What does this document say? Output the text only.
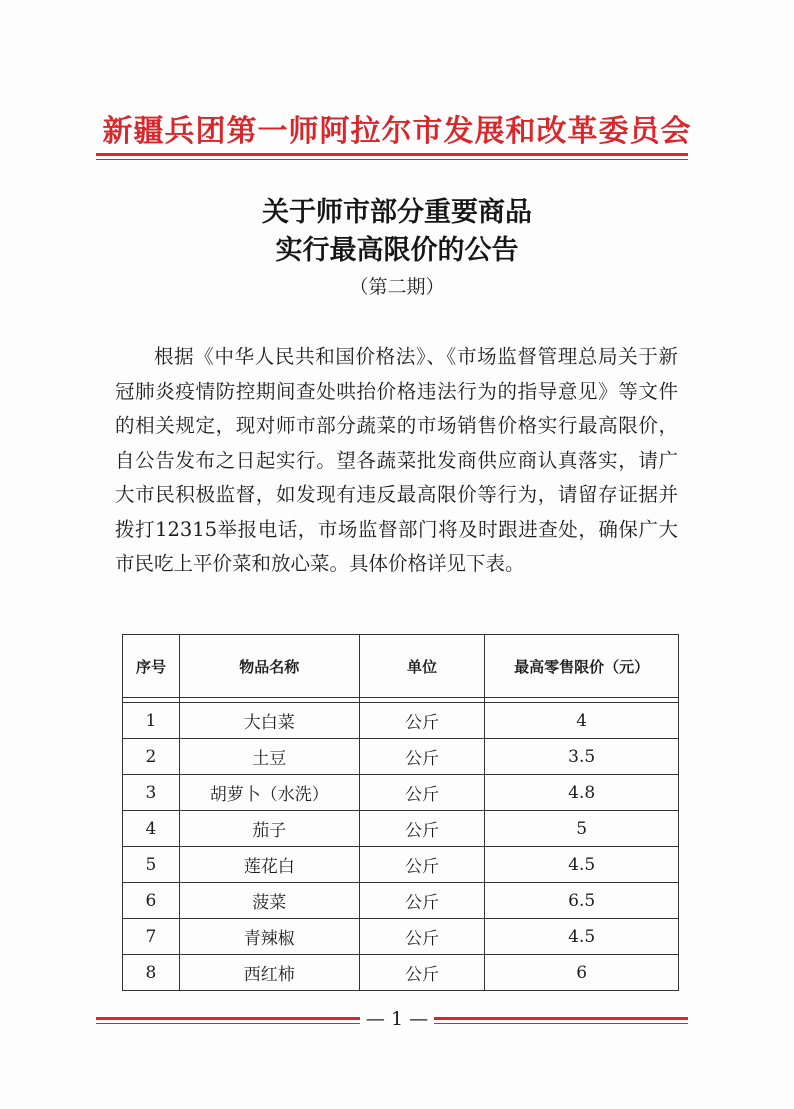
新疆兵团第一师阿拉尔市发展和改革委员会
关于师市部分重要商品
实行最高限价的公告
（第二期）

根据《中华人民共和国价格法》、《市场监督管理总局关于新冠肺炎疫情防控期间查处哄抬价格违法行为的指导意见》等文件的相关规定，现对师市部分蔬菜的市场销售价格实行最高限价，自公告发布之日起实行。望各蔬菜批发商供应商认真落实，请广大市民积极监督，如发现有违反最高限价等行为，请留存证据并拨打12315举报电话，市场监督部门将及时跟进查处，确保广大市民吃上平价菜和放心菜。具体价格详见下表。

序号	物品名称	单位	最高零售限价（元）

1	大白菜	公斤	4
2	土豆	公斤	3.5
3	胡萝卜（水洗）	公斤	4.8
4	茄子	公斤	5
5	莲花白	公斤	4.5
6	菠菜	公斤	6.5
7	青辣椒	公斤	4.5
8	西红柿	公斤	6
— 1 —
